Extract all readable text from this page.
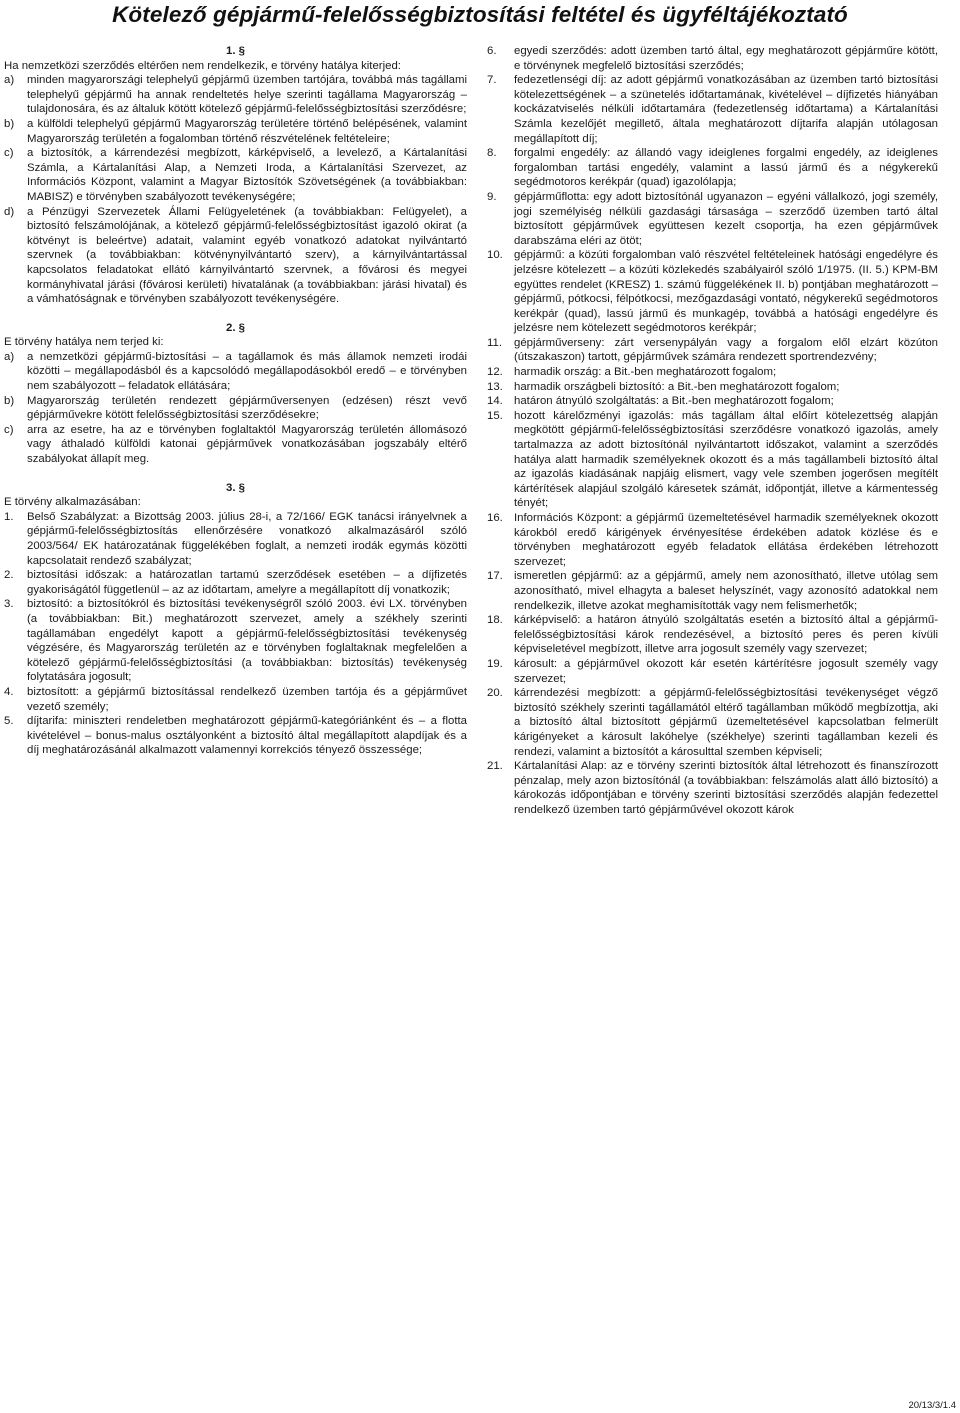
Kötelező gépjármű-felelősségbiztosítási feltétel és ügyféltájékoztató

1. §

Ha nemzetközi szerződés eltérően nem rendelkezik, e törvény hatálya kiterjed:

a)	minden magyarországi telephelyű gépjármű üzemben tartójára, továbbá más tagállami telephelyű gépjármű ha annak rendeltetés helye szerinti tagállama Magyarország – tulajdonosára, és az általuk kötött kötelező gépjármű-felelősségbiztosítási szerződésre;
b)	a külföldi telephelyű gépjármű Magyarország területére történő belépésének, valamint Magyarország területén a fogalomban történő részvételének feltételeire;
c)	a biztosítók, a kárrendezési megbízott, kárképviselő, a levelező, a Kártalanítási Számla, a Kártalanítási Alap, a Nemzeti Iroda, a Kártalanítási Szervezet, az Információs Központ, valamint a Magyar Biztosítók Szövetségének (a továbbiakban: MABISZ) e törvényben szabályozott tevékenységére;
d)	a Pénzügyi Szervezetek Állami Felügyeletének (a továbbiakban: Felügyelet), a biztosító felszámolójának, a kötelező gépjármű-felelősségbiztosítást igazoló okirat (a kötvényt is beleértve) adatait, valamint egyéb vonatkozó adatokat nyilvántartó szervnek (a továbbiakban: kötvénynyilvántartó szerv), a kárnyilvántartással kapcsolatos feladatokat ellátó kárnyilvántartó szervnek, a fővárosi és megyei kormányhivatal járási (fővárosi kerületi) hivatalának (a továbbiakban: járási hivatal) és a vámhatóságnak e törvényben szabályozott tevékenységére.

2. §

E törvény hatálya nem terjed ki:

a)	a nemzetközi gépjármű-biztosítási – a tagállamok és más államok nemzeti irodái közötti – megállapodásból és a kapcsolódó megállapodásokból eredő – e törvényben nem szabályozott – feladatok ellátására;
b)	Magyarország területén rendezett gépjárműversenyen (edzésen) részt vevő gépjárművekre kötött felelősségbiztosítási szerződésekre;
c)	arra az esetre, ha az e törvényben foglaltaktól Magyarország területén állomásozó vagy áthaladó külföldi katonai gépjárművek vonatkozásában jogszabály eltérő szabályokat állapít meg.

3. §

E törvény alkalmazásában:

1.	Belső Szabályzat: a Bizottság 2003. július 28-i, a 72/166/ EGK tanácsi irányelvnek a gépjármű-felelősségbiztosítás ellenőrzésére vonatkozó alkalmazásáról szóló 2003/564/ EK határozatának függelékében foglalt, a nemzeti irodák egymás közötti kapcsolatait rendező szabályzat;
2.	biztosítási időszak: a határozatlan tartamú szerződések esetében – a díjfizetés gyakoriságától függetlenül – az az időtartam, amelyre a megállapított díj vonatkozik;
3.	biztosító: a biztosítókról és biztosítási tevékenységről szóló 2003. évi LX. törvényben (a továbbiakban: Bit.) meghatározott szervezet, amely a székhely szerinti tagállamában engedélyt kapott a gépjármű-felelősségbiztosítási tevékenység végzésére, és Magyarország területén az e törvényben foglaltaknak megfelelően a kötelező gépjármű-felelősségbiztosítási (a továbbiakban: biztosítás) tevékenység folytatására jogosult;
4.	biztosított: a gépjármű biztosítással rendelkező üzemben tartója és a gépjárművet vezető személy;
5.	díjtarifa: miniszteri rendeletben meghatározott gépjármű-kategóriánként és – a flotta kivételével – bonus-malus osztályonként a biztosító által megállapított alapdíjak és a díj meghatározásánál alkalmazott valamennyi korrekciós tényező összessége;
6.	egyedi szerződés: adott üzemben tartó által, egy meghatározott gépjárműre kötött, e törvénynek megfelelő biztosítási szerződés;
7.	fedezetlenségi díj: az adott gépjármű vonatkozásában az üzemben tartó biztosítási kötelezettségének – a szünetelés időtartamának, kivételével – díjfizetés hiányában kockázatviselés nélküli időtartamára (fedezetlenség időtartama) a Kártalanítási Számla kezelőjét megillető, általa meghatározott díjtarifa alapján utólagosan megállapított díj;
8.	forgalmi engedély: az állandó vagy ideiglenes forgalmi engedély, az ideiglenes forgalomban tartási engedély, valamint a lassú jármű és a négykerekű segédmotoros kerékpár (quad) igazolólapja;
9.	gépjárműflotta: egy adott biztosítónál ugyanazon – egyéni vállalkozó, jogi személy, jogi személyiség nélküli gazdasági társasága – szerződő üzemben tartó által biztosított gépjárművek együttesen kezelt csoportja, ha ezen gépjárművek darabszáma eléri az ötöt;
10. gépjármű: a közúti forgalomban való részvétel feltételeinek hatósági engedélyre és jelzésre kötelezett – a közúti közlekedés szabályairól szóló 1/1975. (II. 5.) KPM-BM együttes rendelet (KRESZ) 1. számú függelékének II. b) pontjában meghatározott – gépjármű, pótkocsi, félpótkocsi, mezőgazdasági vontató, négykerekű segédmotoros kerékpár (quad), lassú jármű és munkagép, továbbá a hatósági engedélyre és jelzésre nem kötelezett segédmotoros kerékpár;
11.	gépjárműverseny: zárt versenypályán vagy a forgalom elől elzárt közúton (útszakaszon) tartott, gépjárművek számára rendezett sportrendezvény;
12. harmadik ország: a Bit.-ben meghatározott fogalom;
13. harmadik országbeli biztosító: a Bit.-ben meghatározott fogalom;
14. határon átnyúló szolgáltatás: a Bit.-ben meghatározott fogalom;
15. hozott kárelőzményi igazolás: más tagállam által előírt kötelezettség alapján megkötött gépjármű-felelősségbiztosítási szerződésre vonatkozó igazolás, amely tartalmazza az adott biztosítónál nyilvántartott időszakot, valamint a szerződés hatálya alatt harmadik személyeknek okozott és a más tagállambeli biztosító által az igazolás kiadásának napjáig elismert, vagy vele szemben jogerősen megítélt kártérítések alapjául szolgáló káresetek számát, időpontját, illetve a kármentesség tényét;
16. Információs Központ: a gépjármű üzemeltetésével harmadik személyeknek okozott károkból eredő kárigények érvényesítése érdekében adatok közlése és e törvényben meghatározott egyéb feladatok ellátása érdekében létrehozott szervezet;
17. ismeretlen gépjármű: az a gépjármű, amely nem azonosítható, illetve utólag sem azonosítható, mivel elhagyta a baleset helyszínét, vagy azonosító adatokkal nem rendelkezik, illetve azokat meghamisították vagy nem felismerhetők;
18. kárképviselő: a határon átnyúló szolgáltatás esetén a biztosító által a gépjármű-felelősségbiztosítási károk rendezésével, a biztosító peres és peren kívüli képviseletével megbízott, illetve arra jogosult személy vagy szervezet;
19. károsult: a gépjárművel okozott kár esetén kártérítésre jogosult személy vagy szervezet;
20. kárrendezési megbízott: a gépjármű-felelősségbiztosítási tevékenységet végző biztosító székhely szerinti tagállamától eltérő tagállamban működő megbízottja, aki a biztosító által biztosított gépjármű üzemeltetésével kapcsolatban felmerült kárigényeket a károsult lakóhelye (székhelye) szerinti tagállamban kezeli és rendezi, valamint a biztosítót a károsulttal szemben képviseli;
21. Kártalanítási Alap: az e törvény szerinti biztosítók által létrehozott és finanszírozott pénzalap, mely azon biztosítónál (a továbbiakban: felszámolás alatt álló biztosító) a károkozás időpontjában e törvény szerinti biztosítási szerződés alapján fedezettel rendelkező üzemben tartó gépjárművével okozott károk
20/13/3/1.4
